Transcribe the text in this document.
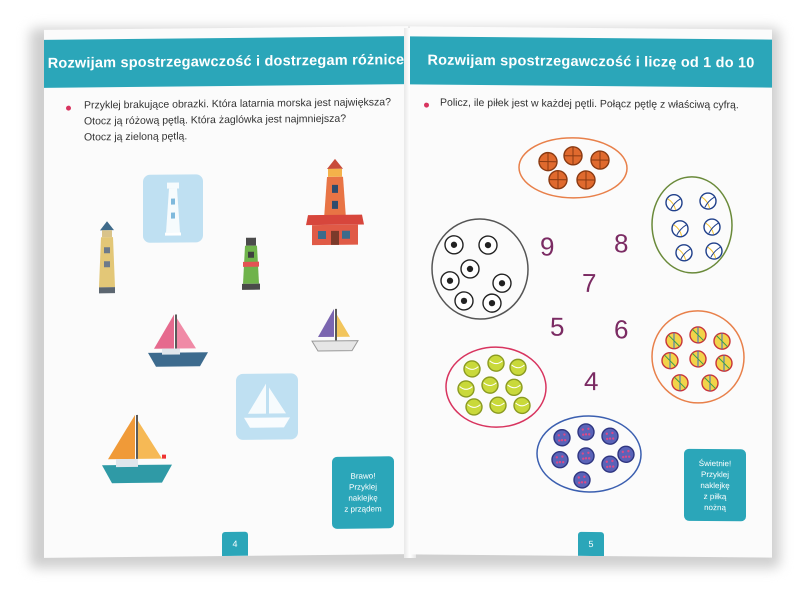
Rozwijam spostrzegawczość i dostrzegam różnice
Przyklej brakujące obrazki. Która latarnia morska jest największa?
Otocz ją różową pętlą. Która żaglówka jest najmniejsza?
Otocz ją zieloną pętlą.
Brawo!
Przyklej
naklejkę
z prządem
4
Rozwijam spostrzegawczość i liczę od 1 do 10
Policz, ile piłek jest w każdej pętli. Połącz pętlę z właściwą cyfrą.
9 8
7
5 6
4
Świetnie!
Przyklej
naklejkę
z piłką nożną
5
